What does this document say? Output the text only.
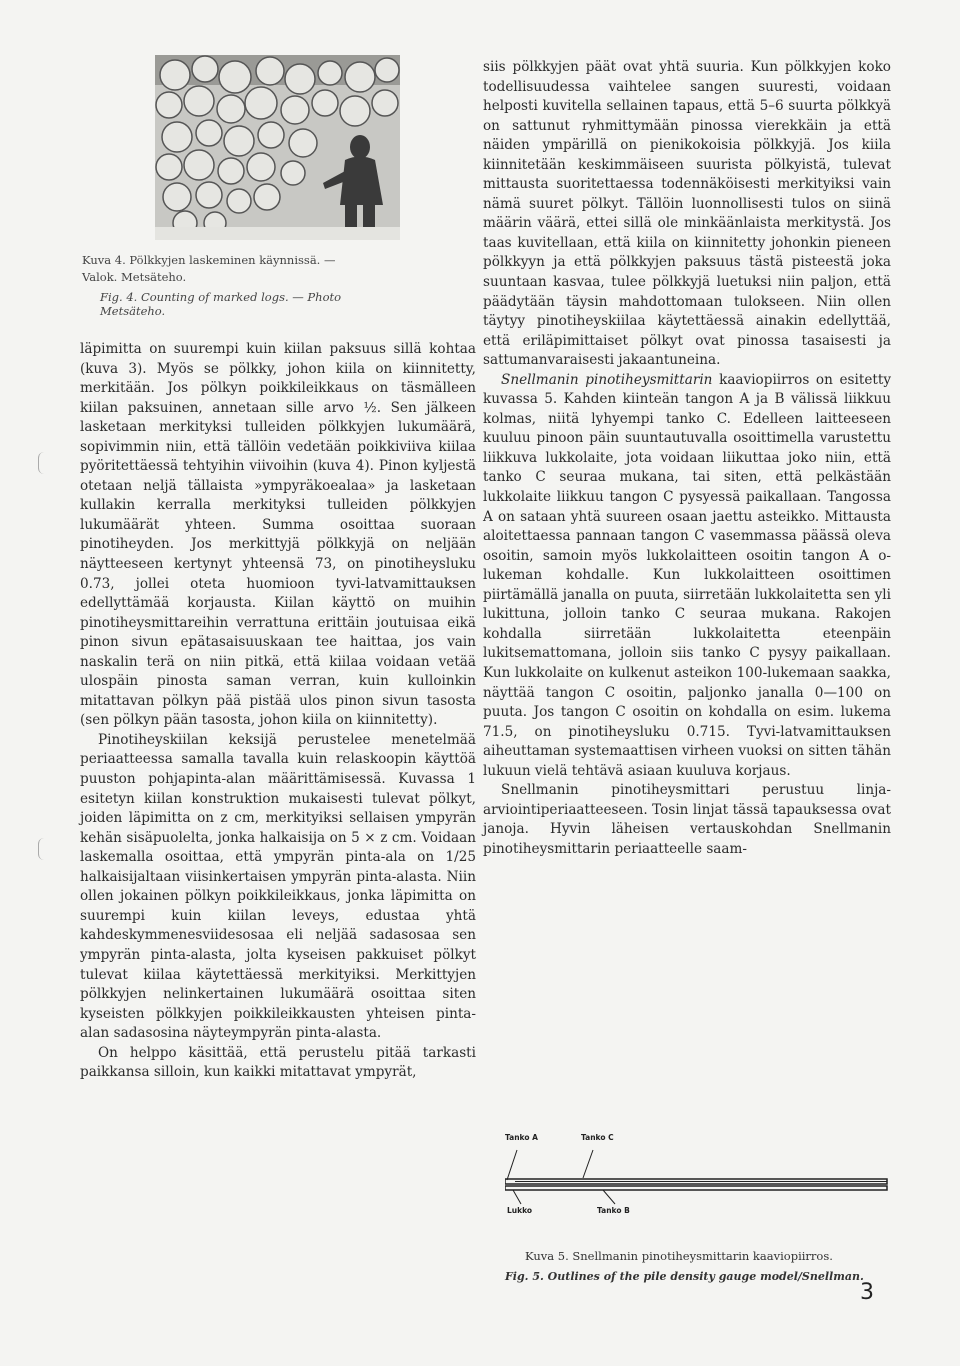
Kuva 4. Pölkkyjen laskeminen käynnissä. — Valok. Metsäteho.
Fig. 4. Counting of marked logs. — Photo Metsäteho.

läpimitta on suurempi kuin kiilan paksuus sillä kohtaa (kuva 3). Myös se pölkky, johon kiila on kiinnitetty, merkitään. Jos pölkyn poikkileikkaus on täsmälleen kiilan paksuinen, annetaan sille arvo ½. Sen jälkeen lasketaan merkityksi tulleiden pölkkyjen lukumäärä, sopivimmin niin, että tällöin vedetään poikkiviiva kiilaa pyöritettäessä tehtyihin viivoihin (kuva 4). Pinon kyljestä otetaan neljä tällaista »ympyräkoealaa» ja lasketaan kullakin kerralla merkityksi tulleiden pölkkyjen lukumäärät yhteen. Summa osoittaa suoraan pinotiheyden. Jos merkittyjä pölkkyjä on neljään näytteeseen kertynyt yhteensä 73, on pinotiheysluku 0.73, jollei oteta huomioon tyvi-latvamittauksen edellyttämää korjausta. Kiilan käyttö on muihin pinotiheysmittareihin verrattuna erittäin joutuisaa eikä pinon sivun epätasaisuuskaan tee haittaa, jos vain naskalin terä on niin pitkä, että kiilaa voidaan vetää ulospäin pinosta saman verran, kuin kulloinkin mitattavan pölkyn pää pistää ulos pinon sivun tasosta (sen pölkyn pään tasosta, johon kiila on kiinnitetty).

Pinotiheyskiilan keksijä perustelee menetelmää periaatteessa samalla tavalla kuin relaskoopin käyttöä puuston pohjapinta-alan määrittämisessä. Kuvassa 1 esitetyn kiilan konstruktion mukaisesti tulevat pölkyt, joiden läpimitta on z cm, merkityiksi sellaisen ympyrän kehän sisäpuolelta, jonka halkaisija on 5 × z cm. Voidaan laskemalla osoittaa, että ympyrän pinta-ala on 1/25 halkaisijaltaan viisinkertaisen ympyrän pinta-alasta. Niin ollen jokainen pölkyn poikkileikkaus, jonka läpimitta on suurempi kuin kiilan leveys, edustaa yhtä kahdeskymmenesviidesosaa eli neljää sadasosaa sen ympyrän pinta-alasta, jolta kyseisen pakkuiset pölkyt tulevat kiilaa käytettäessä merkityiksi. Merkittyjen pölkkyjen nelinkertainen lukumäärä osoittaa siten kyseisten pölkkyjen poikkileikkausten yhteisen pinta-alan sadasosina näyteympyrän pinta-alasta.

On helppo käsittää, että perustelu pitää tarkasti paikkansa silloin, kun kaikki mitattavat ympyrät,

siis pölkkyjen päät ovat yhtä suuria. Kun pölkkyjen koko todellisuudessa vaihtelee sangen suuresti, voidaan helposti kuvitella sellainen tapaus, että 5–6 suurta pölkkyä on sattunut ryhmittymään pinossa vierekkäin ja että näiden ympärillä on pienikokoisia pölkkyjä. Jos kiila kiinnitetään keskimmäiseen suurista pölkyistä, tulevat mittausta suoritettaessa todennäköisesti merkityiksi vain nämä suuret pölkyt. Tällöin luonnollisesti tulos on siinä määrin väärä, ettei sillä ole minkäänlaista merkitystä. Jos taas kuvitellaan, että kiila on kiinnitetty johonkin pieneen pölkkyyn ja että pölkkyjen paksuus tästä pisteestä joka suuntaan kasvaa, tulee pölkkyjä luetuksi niin paljon, että päädytään täysin mahdottomaan tulokseen. Niin ollen täytyy pinotiheyskiilaa käytettäessä ainakin edellyttää, että eriläpimittaiset pölkyt ovat pinossa tasaisesti ja sattumanvaraisesti jakaantuneina.

Snellmanin pinotiheysmittarin kaaviopiirros on esitetty kuvassa 5. Kahden kiinteän tangon A ja B välissä liikkuu kolmas, niitä lyhyempi tanko C. Edelleen laitteeseen kuuluu pinoon päin suuntautuvalla osoittimella varustettu liikkuva lukkolaite, jota voidaan liikuttaa joko niin, että tanko C seuraa mukana, tai siten, että pelkästään lukkolaite liikkuu tangon C pysyessä paikallaan. Tangossa A on sataan yhtä suureen osaan jaettu asteikko. Mittausta aloitettaessa pannaan tangon C vasemmassa päässä oleva osoitin, samoin myös lukkolaitteen osoitin tangon A o-lukeman kohdalle. Kun lukkolaitteen osoittimen piirtämällä janalla on puuta, siirretään lukkolaitetta sen yli lukittuna, jolloin tanko C seuraa mukana. Rakojen kohdalla siirretään lukkolaitetta eteenpäin lukitsemattomana, jolloin siis tanko C pysyy paikallaan. Kun lukkolaite on kulkenut asteikon 100-lukemaan saakka, näyttää tangon C osoitin, paljonko janalla 0—100 on puuta. Jos tangon C osoitin on kohdalla on esim. lukema 71.5, on pinotiheysluku 0.715. Tyvi-latvamittauksen aiheuttaman systemaattisen virheen vuoksi on sitten tähän lukuun vielä tehtävä asiaan kuuluva korjaus.

Snellmanin pinotiheysmittari perustuu linja-arviointiperiaatteeseen. Tosin linjat tässä tapauksessa ovat janoja. Hyvin läheisen vertauskohdan Snellmanin pinotiheysmittarin periaatteelle saam-

Tanko A	Tanko C
Lukko	Tanko B
Kuva 5. Snellmanin pinotiheysmittarin kaaviopiirros.
Fig. 5. Outlines of the pile density gauge model/Snellman.
3
